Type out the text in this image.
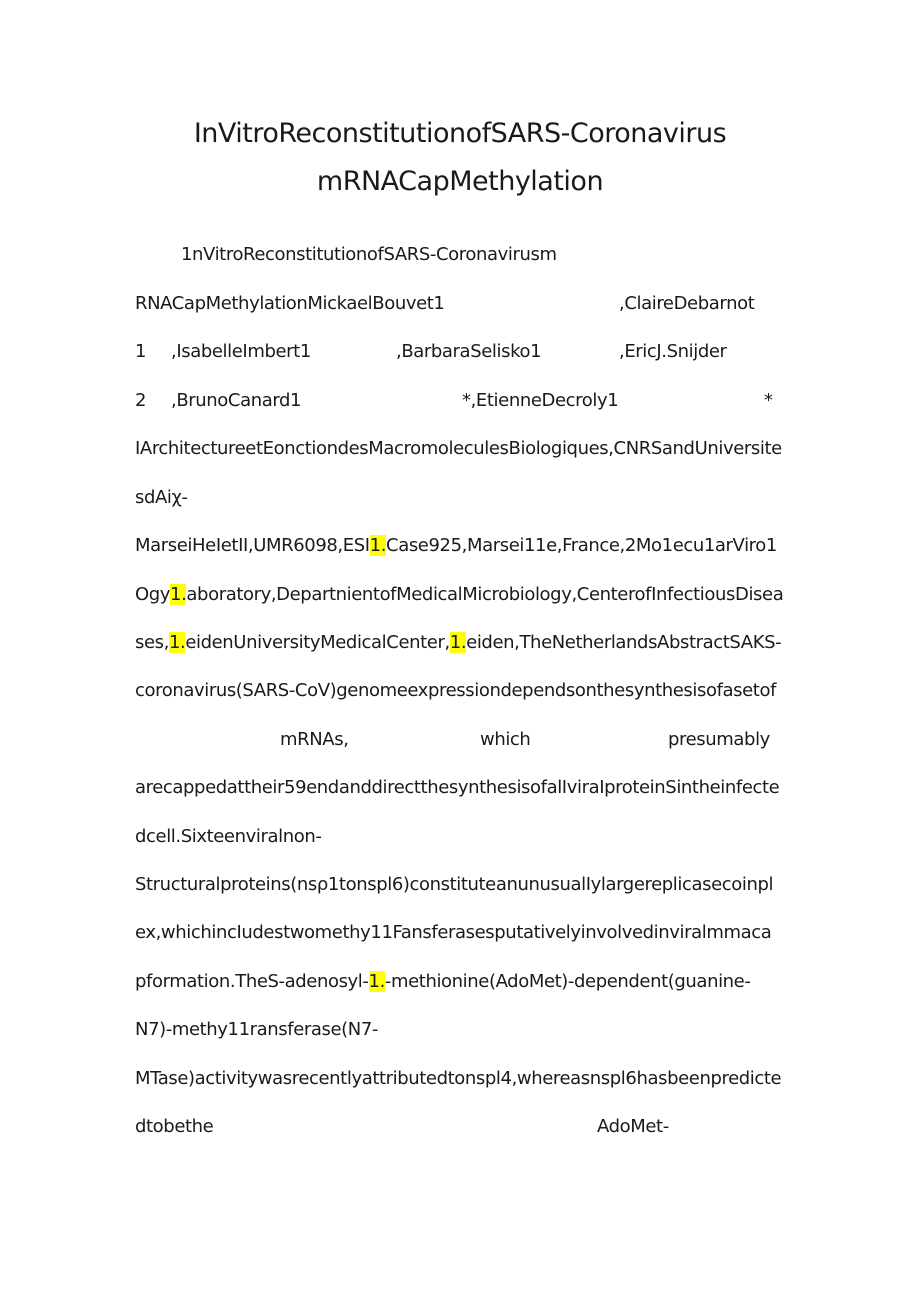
InVitroReconstitutionofSARS-Coronavirus
mRNACapMethylation
1nVitroReconstitutionofSARS-Coronavirusm
RNACapMethylationMickaelBouvet1	,ClaireDebarnot
1 ,IsabelleImbert1	,BarbaraSelisko1	,EricJ.Snijder
2 ,BrunoCanard1	*,EtienneDecroly1	*
IArchitectureetEonctiondesMacromoleculesBiologiques,CNRSandUniversite
sdAiχ-
MarseiHeIetII,UMR6098,ESI1.Case925,Marsei11e,France,2Mo1ecu1arViro1
Ogy1.aboratory,DepartnientofMedicalMicrobiology,CenterofInfectiousDisea
ses,1.eidenUniversityMedicalCenter,1.eiden,TheNetherlandsAbstractSAKS-
coronavirus(SARS-CoV)genomeexpressiondependsonthesynthesisofasetof
mRNAs,	which	presumably
arecappedattheir59endanddirectthesynthesisofalIviraIproteinSintheinfecte
dcell.Sixteenviralnon-
Structuralproteins(nsρ1tonspl6)constituteanunusualIylargereplicasecoinpl
ex,whichincIudestwomethy11Fansferasesputativelyinvolvedinviralmmaca
pformation.TheS-adenosyl-1.-methionine(AdoMet)-dependent(guanine-
N7)-methy11ransferase(N7-
MTase)activitywasrecentlyattributedtonspl4,whereasnspl6hasbeenpredicte
dtobethe	AdoMet-
